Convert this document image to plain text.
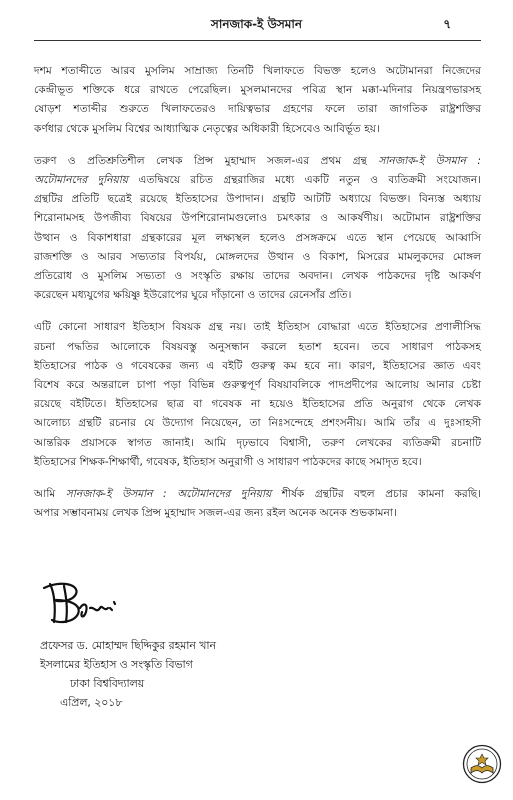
সানজাক-ই উসমান	৭
দশম শতাব্দীতে আরব মুসলিম সাম্রাজ্য তিনটি খিলাফতে বিভক্ত হলেও অটোমানরা নিজেদের
কেন্দ্রীভূত শক্তিকে ধরে রাখতে পেরেছিল। মুসলমানদের পবিত্র স্থান মক্কা-মদিনার নিয়ন্ত্রণভারসহ
ষোড়শ শতাব্দীর শুরুতে খিলাফতেরও দায়িত্বভার গ্রহণের ফলে তারা জাগতিক রাষ্ট্রশক্তির
কর্ণধার থেকে মুসলিম বিশ্বের আধ্যাত্মিক নেতৃত্বের অধিকারী হিসেবেও আবির্ভূত হয়।
তরুণ ও প্রতিশ্রুতিশীল লেখক প্রিন্স মুহাম্মাদ সজল-এর প্রথম গ্রন্থ সানজাক-ই উসমান :
অটোমানদের দুনিয়ায় এতদ্বিষয়ে রচিত গ্রন্থরাজির মধ্যে একটি নতুন ও ব্যতিক্রমী সংযোজন।
গ্রন্থটির প্রতিটি ছত্রেই রয়েছে ইতিহাসের উপাদান। গ্রন্থটি আটটি অধ্যায়ে বিভক্ত। বিন্যস্ত অধ্যায়
শিরোনামসহ উপজীব্য বিষয়ের উপশিরোনামগুলোও চমৎকার ও আকর্ষণীয়। অটোমান রাষ্ট্রশক্তির
উত্থান ও বিকাশধারা গ্রন্থকারের মূল লক্ষ্যস্থল হলেও প্রসঙ্গক্রমে এতে স্থান পেয়েছে আব্বাসি
রাজশক্তি ও আরব সভ্যতার বিপর্যয়, মোঙ্গলদের উত্থান ও বিকাশ, মিসরের মামলুকদের মোঙ্গল
প্রতিরোধ ও মুসলিম সভ্যতা ও সংস্কৃতি রক্ষায় তাদের অবদান। লেখক পাঠকদের দৃষ্টি আকর্ষণ
করেছেন মধ্যযুগের ক্ষয়িষ্ণু ইউরোপের ঘুরে দাঁড়ানো ও তাদের রেনেসাঁর প্রতি।
এটি কোনো সাধারণ ইতিহাস বিষয়ক গ্রন্থ নয়। তাই ইতিহাস বোদ্ধারা এতে ইতিহাসের প্রণালীসিদ্ধ
রচনা পদ্ধতির আলোকে বিষয়বস্তু অনুসন্ধান করলে হতাশ হবেন। তবে সাধারণ পাঠকসহ
ইতিহাসের পাঠক ও গবেষকের জন্য এ বইটি গুরুত্ব কম হবে না। কারণ, ইতিহাসের জ্ঞাত এবং
বিশেষ করে অন্তরালে চাপা পড়া বিভিন্ন গুরুত্বপূর্ণ বিষয়াবলিকে পাদপ্রদীপের আলোয় আনার চেষ্টা
রয়েছে বইটিতে। ইতিহাসের ছাত্র বা গবেষক না হয়েও ইতিহাসের প্রতি অনুরাগ থেকে লেখক
আলোচ্য গ্রন্থটি রচনার যে উদ্যোগ নিয়েছেন, তা নিঃসন্দেহে প্রশংসনীয়। আমি তাঁর এ দুঃসাহসী
আন্তরিক প্রয়াসকে স্বাগত জানাই। আমি দৃঢ়ভাবে বিশ্বাসী, তরুণ লেখকের ব্যতিক্রমী রচনাটি
ইতিহাসের শিক্ষক-শিক্ষার্থী, গবেষক, ইতিহাস অনুরাগী ও সাধারণ পাঠকদের কাছে সমাদৃত হবে।
আমি সানজাক-ই উসমান : অটোমানদের দুনিয়ায় শীর্ষক গ্রন্থটির বহুল প্রচার কামনা করছি।
অপার সম্ভাবনাময় লেখক প্রিন্স মুহাম্মাদ সজল-এর জন্য রইল অনেক অনেক শুভকামনা।
প্রফেসর ড. মোহাম্মদ ছিদ্দিকুর রহমান খান
ইসলামের ইতিহাস ও সংস্কৃতি বিভাগ
ঢাকা বিশ্ববিদ্যালয়
এপ্রিল, ২০১৮
